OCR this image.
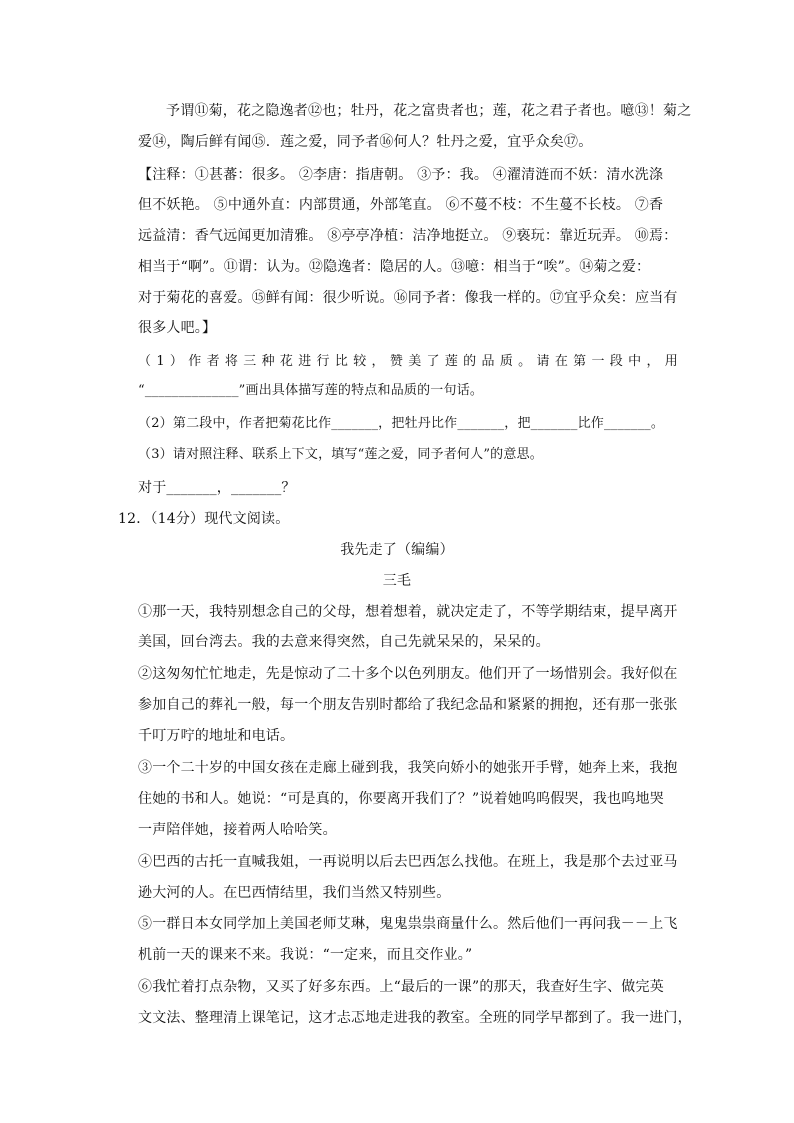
予谓⑪菊，花之隐逸者⑫也；牡丹，花之富贵者也；莲，花之君子者也。噫⑬！菊之
爱⑭，陶后鲜有闻⑮．莲之爱，同予者⑯何人？牡丹之爱，宜乎众矣⑰。
【注释：①甚蕃：很多。 ②李唐：指唐朝。 ③予：我。 ④濯清涟而不妖：清水洗涤
但不妖艳。 ⑤中通外直：内部贯通，外部笔直。 ⑥不蔓不枝：不生蔓不长枝。 ⑦香
远益清：香气远闻更加清雅。 ⑧亭亭净植：洁净地挺立。 ⑨亵玩：靠近玩弄。 ⑩焉：
相当于“啊”。⑪谓：认为。⑫隐逸者：隐居的人。⑬噫：相当于“唉”。⑭菊之爱：
对于菊花的喜爱。⑮鲜有闻：很少听说。⑯同予者：像我一样的。⑰宜乎众矣：应当有
很多人吧。】
（1）作者将三种花进行比较，赞美了莲的品质。请在第一段中，用
“______________”画出具体描写莲的特点和品质的一句话。
（2）第二段中，作者把菊花比作_______，把牡丹比作_______，把_______比作_______。
（3）请对照注释、联系上下文，填写“莲之爱，同予者何人”的意思。
对于_______，_______？
12．（14分）现代文阅读。
我先走了（编编）
三毛
①那一天，我特别想念自己的父母，想着想着，就决定走了，不等学期结束，提早离开
美国，回台湾去。我的去意来得突然，自己先就呆呆的，呆呆的。
②这匆匆忙忙地走，先是惊动了二十多个以色列朋友。他们开了一场惜别会。我好似在
参加自己的葬礼一般，每一个朋友告别时都给了我纪念品和紧紧的拥抱，还有那一张张
千叮万咛的地址和电话。
③一个二十岁的中国女孩在走廊上碰到我，我笑向娇小的她张开手臂，她奔上来，我抱
住她的书和人。她说：“可是真的，你要离开我们了？”说着她呜呜假哭，我也呜地哭
一声陪伴她，接着两人哈哈笑。
④巴西的古托一直喊我姐，一再说明以后去巴西怎么找他。在班上，我是那个去过亚马
逊大河的人。在巴西情结里，我们当然又特别些。
⑤一群日本女同学加上美国老师艾琳，鬼鬼祟祟商量什么。然后他们一再问我－－上飞
机前一天的课来不来。我说：“一定来，而且交作业。”
⑥我忙着打点杂物，又买了好多东西。上“最后的一课”的那天，我查好生字、做完英
文文法、整理清上课笔记，这才忐忑地走进我的教室。全班的同学早都到了。我一进门，
